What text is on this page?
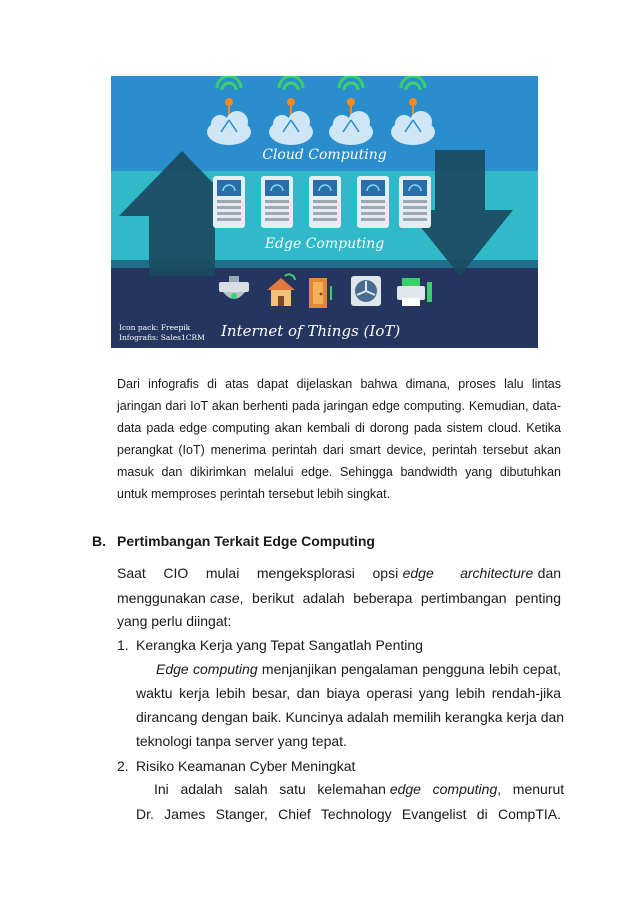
Cloud Computing
Edge Computing
Internet of Things (IoT)
Icon pack: Freepik
Infografis: Sales1CRM
Dari infografis di atas dapat dijelaskan bahwa dimana, proses lalu lintas
jaringan dari IoT akan berhenti pada jaringan edge computing. Kemudian, data-
data pada edge computing akan kembali di dorong pada sistem cloud. Ketika
perangkat (IoT) menerima perintah dari smart device, perintah tersebut akan
masuk dan dikirimkan melalui edge. Sehingga bandwidth yang dibutuhkan
untuk memproses perintah tersebut lebih singkat.
B. Pertimbangan Terkait Edge Computing
Saat    CIO    mulai    mengeksplorasi    opsi edge      architecture dan
menggunakan case,  berikut  adalah  beberapa  pertimbangan  penting
yang perlu diingat:
1. Kerangka Kerja yang Tepat Sangatlah Penting
Edge computing menjanjikan pengalaman pengguna lebih cepat,
waktu kerja lebih besar, dan biaya operasi yang lebih rendah-jika
dirancang dengan baik. Kuncinya adalah memilih kerangka kerja dan
teknologi tanpa server yang tepat.
2. Risiko Keamanan Cyber Meningkat
Ini   adalah   salah   satu   kelemahan edge   computing,   menurut
Dr. James Stanger, Chief Technology Evangelist di CompTIA.
